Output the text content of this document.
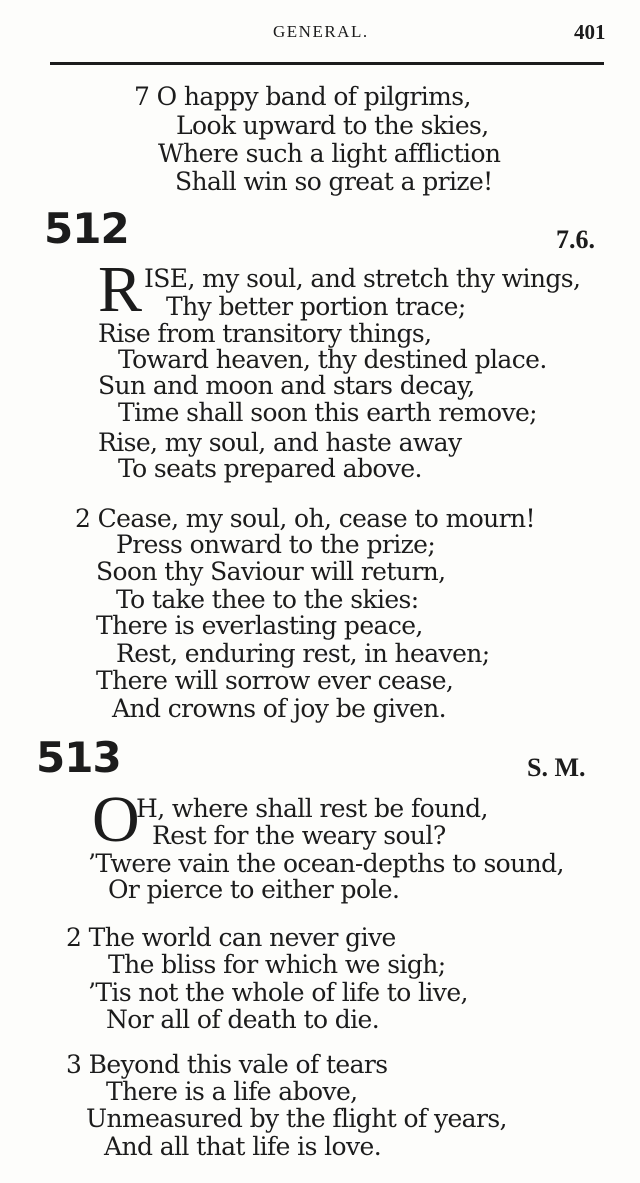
GENERAL.	401
7 O happy band of pilgrims,
Look upward to the skies,
Where such a light affliction
Shall win so great a prize!
512	7.6.
R ISE, my soul, and stretch thy wings,
Thy better portion trace;
Rise from transitory things,
Toward heaven, thy destined place.
Sun and moon and stars decay,
Time shall soon this earth remove;
Rise, my soul, and haste away
To seats prepared above.
2 Cease, my soul, oh, cease to mourn!
Press onward to the prize;
Soon thy Saviour will return,
To take thee to the skies:
There is everlasting peace,
Rest, enduring rest, in heaven;
There will sorrow ever cease,
And crowns of joy be given.
513	S. M.
O
H, where shall rest be found,
Rest for the weary soul?
’Twere vain the ocean-depths to sound,
Or pierce to either pole.
2 The world can never give
The bliss for which we sigh;
’Tis not the whole of life to live,
Nor all of death to die.
3 Beyond this vale of tears
There is a life above,
Unmeasured by the flight of years,
And all that life is love.
